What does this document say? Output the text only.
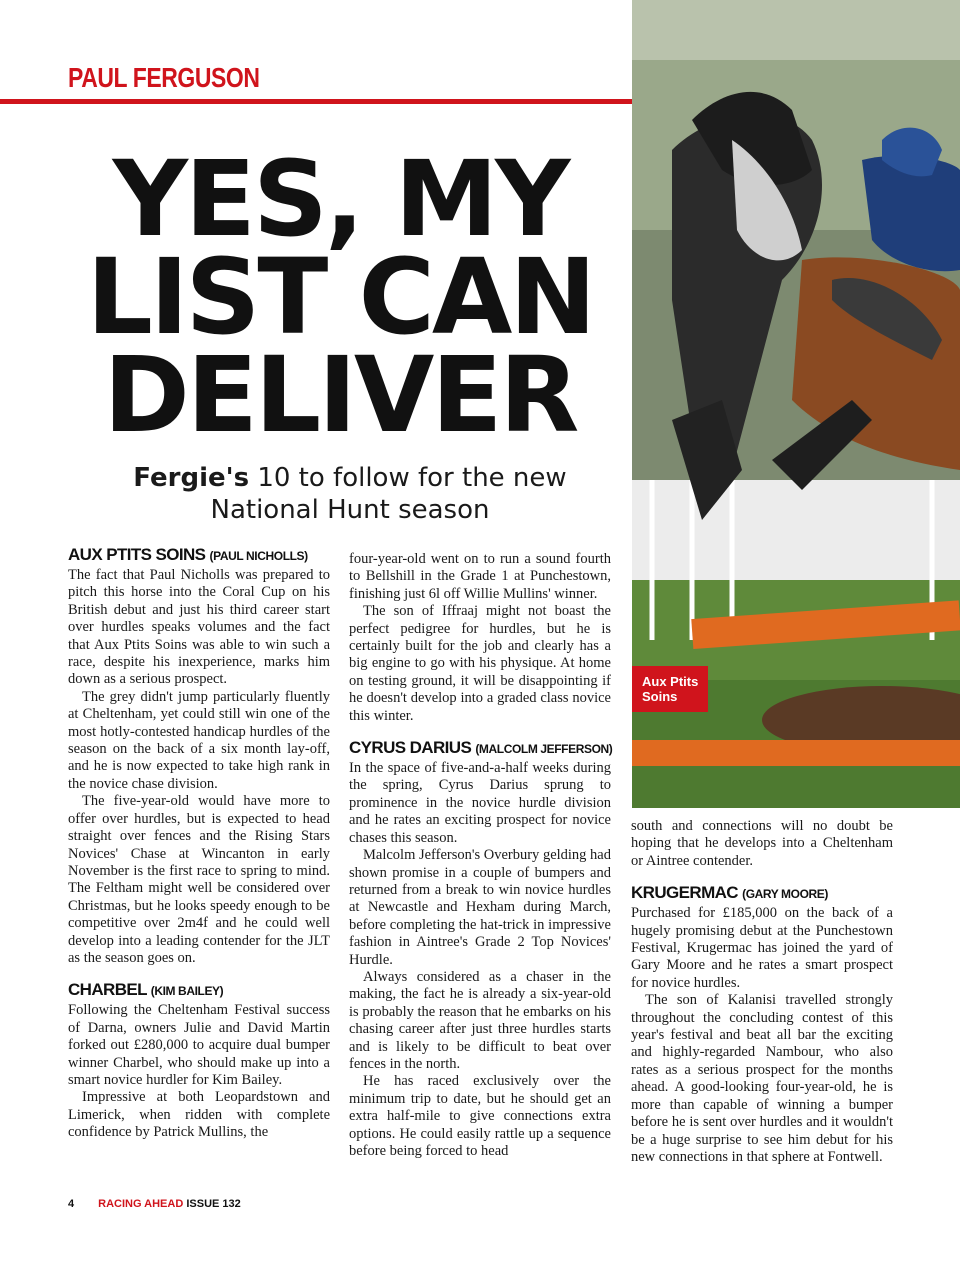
PAUL FERGUSON
YES, MY
LIST CAN
DELIVER
Fergie's 10 to follow for the new
National Hunt season
Aux Ptits Soins
AUX PTITS SOINS (PAUL NICHOLLS)

The fact that Paul Nicholls was prepared to pitch this horse into the Coral Cup on his British debut and just his third career start over hurdles speaks volumes and the fact that Aux Ptits Soins was able to win such a race, despite his inexperience, marks him down as a serious prospect.

The grey didn't jump particularly fluently at Cheltenham, yet could still win one of the most hotly-contested handicap hurdles of the season on the back of a six month lay-off, and he is now expected to take high rank in the novice chase division.

The five-year-old would have more to offer over hurdles, but is expected to head straight over fences and the Rising Stars Novices' Chase at Wincanton in early November is the first race to spring to mind. The Feltham might well be considered over Christmas, but he looks speedy enough to be competitive over 2m4f and he could well develop into a leading contender for the JLT as the season goes on.

CHARBEL (KIM BAILEY)

Following the Cheltenham Festival success of Darna, owners Julie and David Martin forked out £280,000 to acquire dual bumper winner Charbel, who should make up into a smart novice hurdler for Kim Bailey.

Impressive at both Leopardstown and Limerick, when ridden with complete confidence by Patrick Mullins, the

four-year-old went on to run a sound fourth to Bellshill in the Grade 1 at Punchestown, finishing just 6l off Willie Mullins' winner.

The son of Iffraaj might not boast the perfect pedigree for hurdles, but he is certainly built for the job and clearly has a big engine to go with his physique. At home on testing ground, it will be disappointing if he doesn't develop into a graded class novice this winter.

CYRUS DARIUS (MALCOLM JEFFERSON)

In the space of five-and-a-half weeks during the spring, Cyrus Darius sprung to prominence in the novice hurdle division and he rates an exciting prospect for novice chases this season.

Malcolm Jefferson's Overbury gelding had shown promise in a couple of bumpers and returned from a break to win novice hurdles at Newcastle and Hexham during March, before completing the hat-trick in impressive fashion in Aintree's Grade 2 Top Novices' Hurdle.

Always considered as a chaser in the making, the fact he is already a six-year-old is probably the reason that he embarks on his chasing career after just three hurdles starts and is likely to be difficult to beat over fences in the north.

He has raced exclusively over the minimum trip to date, but he should get an extra half-mile to give connections extra options. He could easily rattle up a sequence before being forced to head

south and connections will no doubt be hoping that he develops into a Cheltenham or Aintree contender.

KRUGERMAC (GARY MOORE)

Purchased for £185,000 on the back of a hugely promising debut at the Punchestown Festival, Krugermac has joined the yard of Gary Moore and he rates a smart prospect for novice hurdles.

The son of Kalanisi travelled strongly throughout the concluding contest of this year's festival and beat all bar the exciting and highly-regarded Nambour, who also rates as a serious prospect for the months ahead. A good-looking four-year-old, he is more than capable of winning a bumper before he is sent over hurdles and it wouldn't be a huge surprise to see him debut for his new connections in that sphere at Fontwell.

4 RACING AHEAD ISSUE 132
